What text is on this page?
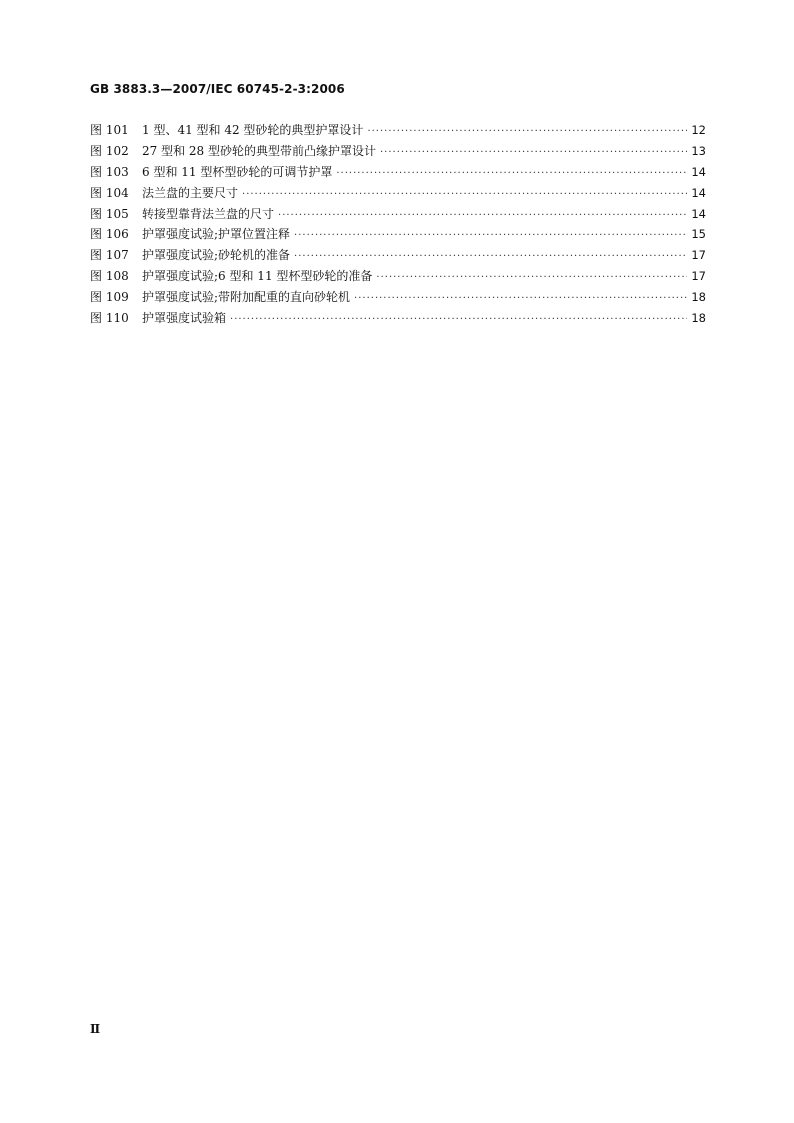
GB 3883.3—2007/IEC 60745-2-3:2006
图 101	1 型、41 型和 42 型砂轮的典型护罩设计 ·····	12
图 102	27 型和 28 型砂轮的典型带前凸缘护罩设计 ·····	13
图 103	6 型和 11 型杯型砂轮的可调节护罩 ·····	14
图 104	法兰盘的主要尺寸 ·····	14
图 105	转接型靠背法兰盘的尺寸 ·····	14
图 106	护罩强度试验;护罩位置注释 ·····	15
图 107	护罩强度试验;砂轮机的准备 ·····	17
图 108	护罩强度试验;6 型和 11 型杯型砂轮的准备 ·····	17
图 109	护罩强度试验;带附加配重的直向砂轮机 ·····	18
图 110	护罩强度试验箱 ·····	18
Ⅱ
